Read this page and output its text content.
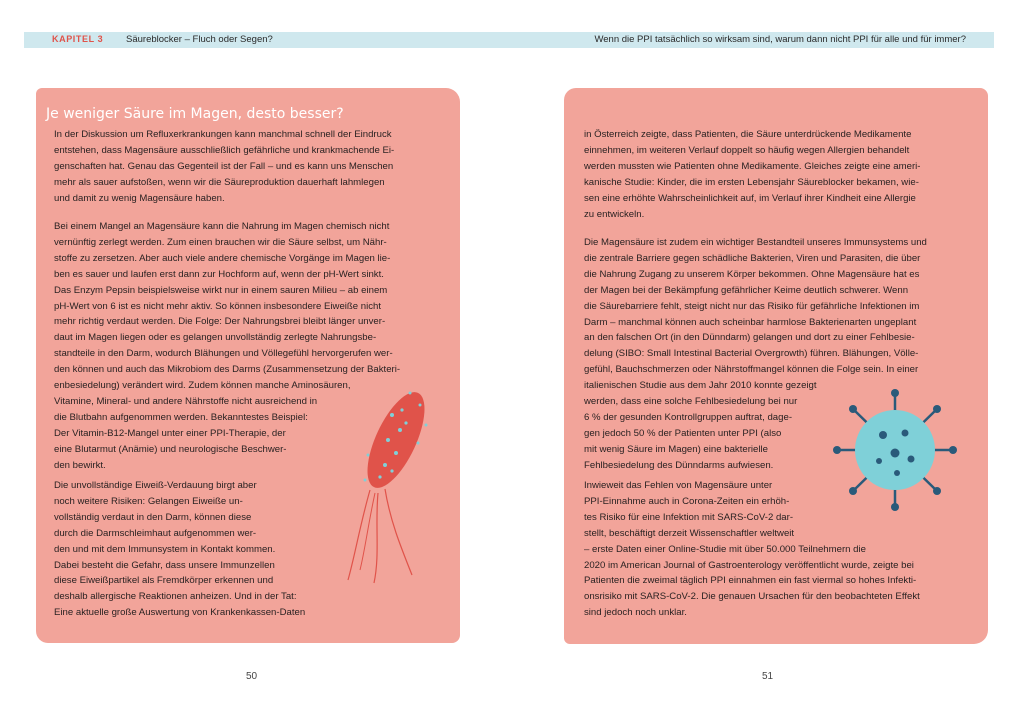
KAPITEL 3 Säureblocker – Fluch oder Segen?	Wenn die PPI tatsächlich so wirksam sind, warum dann nicht PPI für alle und für immer?
Je weniger Säure im Magen, desto besser?

In der Diskussion um Refluxerkrankungen kann manchmal schnell der Eindruck
entstehen, dass Magensäure ausschließlich gefährliche und krankmachende Ei-
genschaften hat. Genau das Gegenteil ist der Fall – und es kann uns Menschen
mehr als sauer aufstoßen, wenn wir die Säureproduktion dauerhaft lahmlegen
und damit zu wenig Magensäure haben.

Bei einem Mangel an Magensäure kann die Nahrung im Magen chemisch nicht
vernünftig zerlegt werden. Zum einen brauchen wir die Säure selbst, um Nähr-
stoffe zu zersetzen. Aber auch viele andere chemische Vorgänge im Magen lie-
ben es sauer und laufen erst dann zur Hochform auf, wenn der pH-Wert sinkt.
Das Enzym Pepsin beispielsweise wirkt nur in einem sauren Milieu – ab einem
pH-Wert von 6 ist es nicht mehr aktiv. So können insbesondere Eiweiße nicht
mehr richtig verdaut werden. Die Folge: Der Nahrungsbrei bleibt länger unver-
daut im Magen liegen oder es gelangen unvollständig zerlegte Nahrungsbe-
standteile in den Darm, wodurch Blähungen und Völlegefühl hervorgerufen wer-
den können und auch das Mikrobiom des Darms (Zusammensetzung der Bakteri-
enbesiedelung) verändert wird. Zudem können manche Aminosäuren,
Vitamine, Mineral- und andere Nährstoffe nicht ausreichend in
die Blutbahn aufgenommen werden. Bekanntestes Beispiel:
Der Vitamin-B12-Mangel unter einer PPI-Therapie, der
eine Blutarmut (Anämie) und neurologische Beschwer-
den bewirkt.

Die unvollständige Eiweiß-Verdauung birgt aber
noch weitere Risiken: Gelangen Eiweiße un-
vollständig verdaut in den Darm, können diese
durch die Darmschleimhaut aufgenommen wer-
den und mit dem Immunsystem in Kontakt kommen.
Dabei besteht die Gefahr, dass unsere Immunzellen
diese Eiweißpartikel als Fremdkörper erkennen und
deshalb allergische Reaktionen anheizen. Und in der Tat:
Eine aktuelle große Auswertung von Krankenkassen-Daten

in Österreich zeigte, dass Patienten, die Säure unterdrückende Medikamente
einnehmen, im weiteren Verlauf doppelt so häufig wegen Allergien behandelt
werden mussten wie Patienten ohne Medikamente. Gleiches zeigte eine ameri-
kanische Studie: Kinder, die im ersten Lebensjahr Säureblocker bekamen, wie-
sen eine erhöhte Wahrscheinlichkeit auf, im Verlauf ihrer Kindheit eine Allergie
zu entwickeln.

Die Magensäure ist zudem ein wichtiger Bestandteil unseres Immunsystems und
die zentrale Barriere gegen schädliche Bakterien, Viren und Parasiten, die über
die Nahrung Zugang zu unserem Körper bekommen. Ohne Magensäure hat es
der Magen bei der Bekämpfung gefährlicher Keime deutlich schwerer. Wenn
die Säurebarriere fehlt, steigt nicht nur das Risiko für gefährliche Infektionen im
Darm – manchmal können auch scheinbar harmlose Bakterienarten ungeplant
an den falschen Ort (in den Dünndarm) gelangen und dort zu einer Fehlbesie-
delung (SIBO: Small Intestinal Bacterial Overgrowth) führen. Blähungen, Völle-
gefühl, Bauchschmerzen oder Nährstoffmangel können die Folge sein. In einer
italienischen Studie aus dem Jahr 2010 konnte gezeigt
werden, dass eine solche Fehlbesiedelung bei nur
6 % der gesunden Kontrollgruppen auftrat, dage-
gen jedoch 50 % der Patienten unter PPI (also
mit wenig Säure im Magen) eine bakterielle
Fehlbesiedelung des Dünndarms aufwiesen.

Inwieweit das Fehlen von Magensäure unter
PPI-Einnahme auch in Corona-Zeiten ein erhöh-
tes Risiko für eine Infektion mit SARS-CoV-2 dar-
stellt, beschäftigt derzeit Wissenschaftler weltweit
– erste Daten einer Online-Studie mit über 50.000 Teilnehmern die
2020 im American Journal of Gastroenterology veröffentlicht wurde, zeigte bei
Patienten die zweimal täglich PPI einnahmen ein fast viermal so hohes Infekti-
onsrisiko mit SARS-CoV-2. Die genauen Ursachen für den beobachteten Effekt
sind jedoch noch unklar.

50	51
